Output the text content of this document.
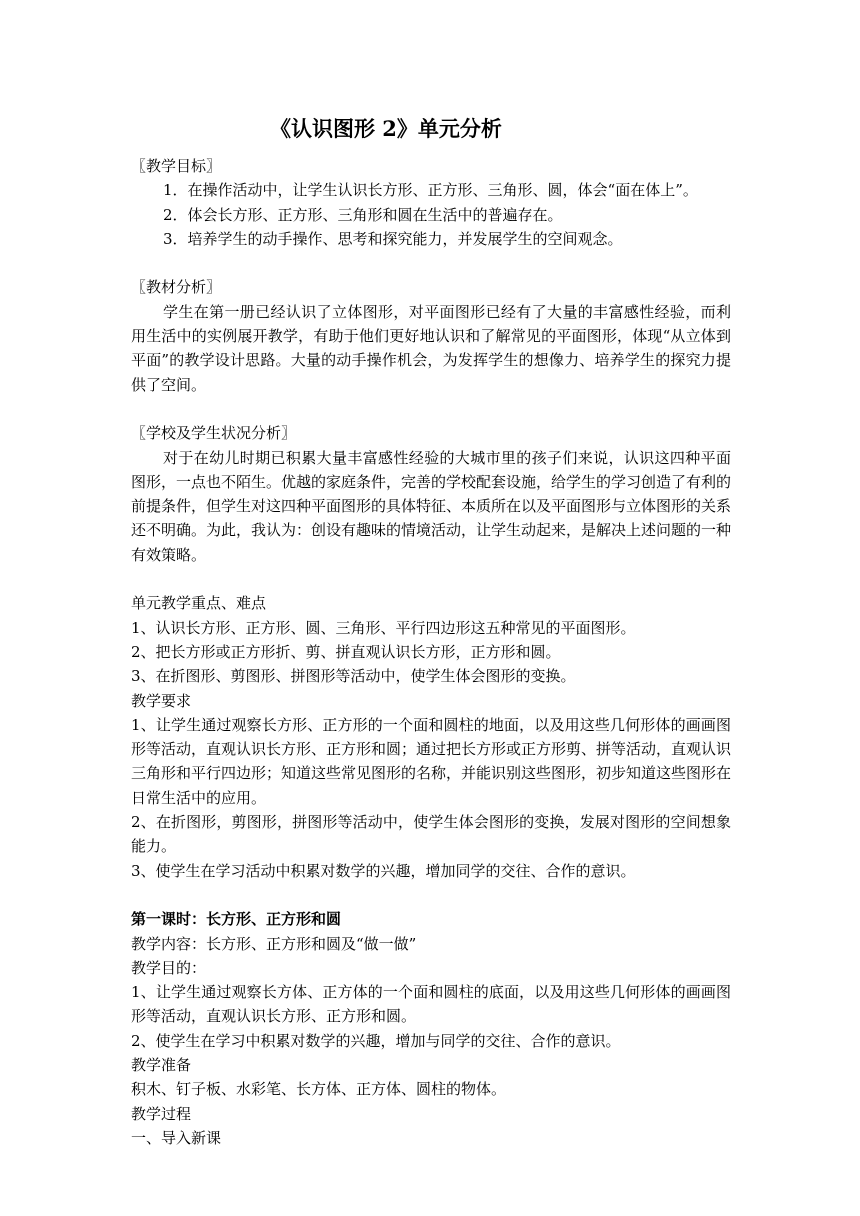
《认识图形 2》单元分析
〖教学目标〗
1．在操作活动中，让学生认识长方形、正方形、三角形、圆，体会“面在体上”。
2．体会长方形、正方形、三角形和圆在生活中的普遍存在。
3．培养学生的动手操作、思考和探究能力，并发展学生的空间观念。
〖教材分析〗
学生在第一册已经认识了立体图形，对平面图形已经有了大量的丰富感性经验，而利用生活中的实例展开教学，有助于他们更好地认识和了解常见的平面图形，体现“从立体到平面”的教学设计思路。大量的动手操作机会，为发挥学生的想像力、培养学生的探究力提供了空间。
〖学校及学生状况分析〗
对于在幼儿时期已积累大量丰富感性经验的大城市里的孩子们来说，认识这四种平面图形，一点也不陌生。优越的家庭条件，完善的学校配套设施，给学生的学习创造了有利的前提条件，但学生对这四种平面图形的具体特征、本质所在以及平面图形与立体图形的关系还不明确。为此，我认为：创设有趣味的情境活动，让学生动起来，是解决上述问题的一种有效策略。
单元教学重点、难点
1、认识长方形、正方形、圆、三角形、平行四边形这五种常见的平面图形。
2、把长方形或正方形折、剪、拼直观认识长方形，正方形和圆。
3、在折图形、剪图形、拼图形等活动中，使学生体会图形的变换。
教学要求
1、让学生通过观察长方形、正方形的一个面和圆柱的地面，以及用这些几何形体的画画图形等活动，直观认识长方形、正方形和圆；通过把长方形或正方形剪、拼等活动，直观认识三角形和平行四边形；知道这些常见图形的名称，并能识别这些图形，初步知道这些图形在日常生活中的应用。
2、在折图形，剪图形，拼图形等活动中，使学生体会图形的变换，发展对图形的空间想象能力。
3、使学生在学习活动中积累对数学的兴趣，增加同学的交往、合作的意识。
第一课时：长方形、正方形和圆
教学内容：长方形、正方形和圆及“做一做”
教学目的：
1、让学生通过观察长方体、正方体的一个面和圆柱的底面，以及用这些几何形体的画画图形等活动，直观认识长方形、正方形和圆。
2、使学生在学习中积累对数学的兴趣，增加与同学的交往、合作的意识。
教学准备
积木、钉子板、水彩笔、长方体、正方体、圆柱的物体。
教学过程
一、导入新课
